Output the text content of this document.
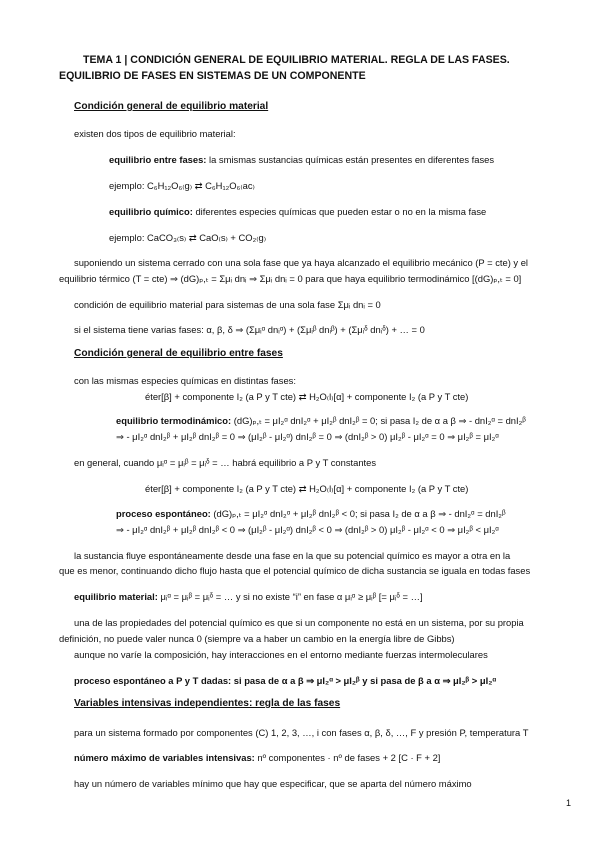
TEMA 1 | CONDICIÓN GENERAL DE EQUILIBRIO MATERIAL. REGLA DE LAS FASES.
EQUILIBRIO DE FASES EN SISTEMAS DE UN COMPONENTE
Condición general de equilibrio material
existen dos tipos de equilibrio material:
equilibrio entre fases: la smismas sustancias químicas están presentes en diferentes fases
ejemplo: C₆H₁₂O₆₍g₎ ⇄ C₆H₁₂O₆₍ac₎
equilibrio químico: diferentes especies químicas que pueden estar o no en la misma fase
ejemplo: CaCO₃₍s₎ ⇄ CaO₍s₎ + CO₂₍g₎
suponiendo un sistema cerrado con una sola fase que ya haya alcanzado el equilibrio mecánico (P = cte) y el
equilibrio térmico (T = cte) ⇒ (dG)ₚ,ₜ = Σμᵢ dnᵢ ⇒ Σμᵢ dnᵢ = 0 para que haya equilibrio termodinámico [(dG)ₚ,ₜ = 0]
condición de equilibrio material para sistemas de una sola fase Σμᵢ dnᵢ = 0
si el sistema tiene varias fases: α, β, δ ⇒ (Σμᵢᵅ dnᵢᵅ) + (Σμᵢᵝ dnᵢᵝ) + (Σμᵢᵟ dnᵢᵟ) + … = 0
Condición general de equilibrio entre fases
con las mismas especies químicas en distintas fases:
éter[β] + componente I₂ (a P y T cte) ⇄ H₂O₍l₎[α] + componente I₂ (a P y T cte)
equilibrio termodinámico: (dG)ₚ,ₜ = μI₂ᵅ dnI₂ᵅ + μI₂ᵝ dnI₂ᵝ = 0; si pasa I₂ de α a β ⇒ - dnI₂ᵅ = dnI₂ᵝ
⇒ - μI₂ᵅ dnI₂ᵝ + μI₂ᵝ dnI₂ᵝ = 0 ⇒ (μI₂ᵝ - μI₂ᵅ) dnI₂ᵝ = 0 ⇒ (dnI₂ᵝ > 0) μI₂ᵝ - μI₂ᵅ = 0 ⇒ μI₂ᵝ = μI₂ᵅ
en general, cuando μᵢᵅ = μᵢᵝ = μᵢᵟ = … habrá equilibrio a P y T constantes
éter[β] + componente I₂ (a P y T cte) ⇄ H₂O₍l₎[α] + componente I₂ (a P y T cte)
proceso espontáneo: (dG)ₚ,ₜ = μI₂ᵅ dnI₂ᵅ + μI₂ᵝ dnI₂ᵝ < 0; si pasa I₂ de α a β ⇒ - dnI₂ᵅ = dnI₂ᵝ
⇒ - μI₂ᵅ dnI₂ᵝ + μI₂ᵝ dnI₂ᵝ < 0 ⇒ (μI₂ᵝ - μI₂ᵅ) dnI₂ᵝ < 0 ⇒ (dnI₂ᵝ > 0) μI₂ᵝ - μI₂ᵅ < 0 ⇒ μI₂ᵝ < μI₂ᵅ
la sustancia fluye espontáneamente desde una fase en la que su potencial químico es mayor a otra en la
que es menor, continuando dicho flujo hasta que el potencial químico de dicha sustancia se iguala en todas fases
equilibrio material: μᵢᵅ = μᵢᵝ = μᵢᵟ = … y si no existe “i” en fase α μᵢᵅ ≥ μᵢᵝ [= μᵢᵟ = …]
una de las propiedades del potencial químico es que si un componente no está en un sistema, por su propia
definición, no puede valer nunca 0 (siempre va a haber un cambio en la energía libre de Gibbs)
aunque no varíe la composición, hay interacciones en el entorno mediante fuerzas intermoleculares
proceso espontáneo a P y T dadas: si pasa de α a β ⇒ μI₂ᵅ > μI₂ᵝ y si pasa de β a α ⇒ μI₂ᵝ > μI₂ᵅ
Variables intensivas independientes: regla de las fases
para un sistema formado por componentes (C) 1, 2, 3, …, i con fases α, β, δ, …, F y presión P, temperatura T
número máximo de variables intensivas: nº componentes · nº de fases + 2 [C · F + 2]
hay un número de variables mínimo que hay que especificar, que se aparta del número máximo
1
